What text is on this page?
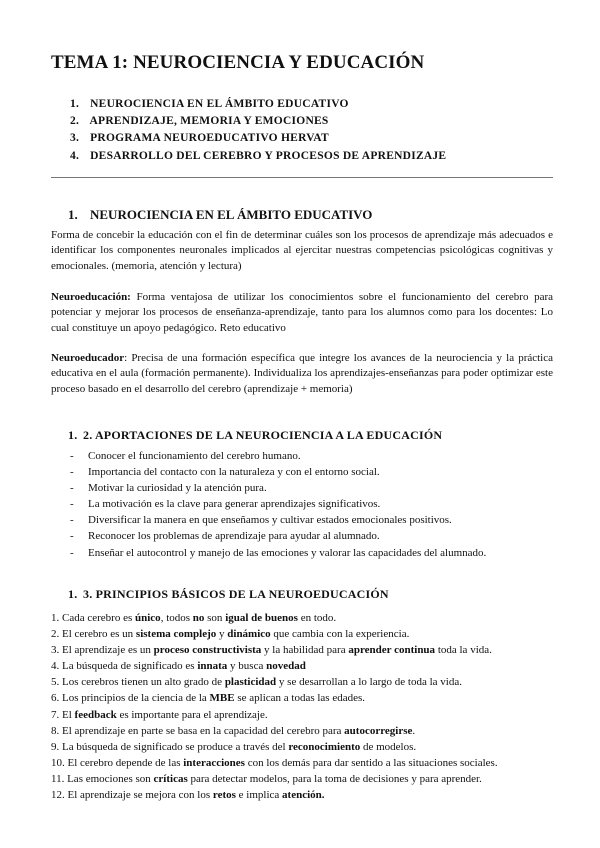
TEMA 1: NEUROCIENCIA Y EDUCACIÓN
1. NEUROCIENCIA EN EL ÁMBITO EDUCATIVO
2. APRENDIZAJE, MEMORIA Y EMOCIONES
3. PROGRAMA NEUROEDUCATIVO HERVAT
4. DESARROLLO DEL CEREBRO Y PROCESOS DE APRENDIZAJE
1. NEUROCIENCIA EN EL ÁMBITO EDUCATIVO

Forma de concebir la educación con el fin de determinar cuáles son los procesos de aprendizaje más adecuados e identificar los componentes neuronales implicados al ejercitar nuestras competencias psicológicas cognitivas y emocionales. (memoria, atención y lectura)

Neuroeducación: Forma ventajosa de utilizar los conocimientos sobre el funcionamiento del cerebro para potenciar y mejorar los procesos de enseñanza-aprendizaje, tanto para los alumnos como para los docentes: Lo cual constituye un apoyo pedagógico. Reto educativo

Neuroeducador: Precisa de una formación específica que integre los avances de la neurociencia y la práctica educativa en el aula (formación permanente). Individualiza los aprendizajes-enseñanzas para poder optimizar este proceso basado en el desarrollo del cerebro (aprendizaje + memoria)

1. 2. APORTACIONES DE LA NEUROCIENCIA A LA EDUCACIÓN
- Conocer el funcionamiento del cerebro humano.
- Importancia del contacto con la naturaleza y con el entorno social.
- Motivar la curiosidad y la atención pura.
- La motivación es la clave para generar aprendizajes significativos.
- Diversificar la manera en que enseñamos y cultivar estados emocionales positivos.
- Reconocer los problemas de aprendizaje para ayudar al alumnado.
- Enseñar el autocontrol y manejo de las emociones y valorar las capacidades del alumnado.
1. 3. PRINCIPIOS BÁSICOS DE LA NEUROEDUCACIÓN
1. Cada cerebro es único, todos no son igual de buenos en todo.
2. El cerebro es un sistema complejo y dinámico que cambia con la experiencia.
3. El aprendizaje es un proceso constructivista y la habilidad para aprender continua toda la vida.
4. La búsqueda de significado es innata y busca novedad
5. Los cerebros tienen un alto grado de plasticidad y se desarrollan a lo largo de toda la vida.
6. Los principios de la ciencia de la MBE se aplican a todas las edades.
7. El feedback es importante para el aprendizaje.
8. El aprendizaje en parte se basa en la capacidad del cerebro para autocorregirse.
9. La búsqueda de significado se produce a través del reconocimiento de modelos.
10. El cerebro depende de las interacciones con los demás para dar sentido a las situaciones sociales.
11. Las emociones son críticas para detectar modelos, para la toma de decisiones y para aprender.
12. El aprendizaje se mejora con los retos e implica atención.
